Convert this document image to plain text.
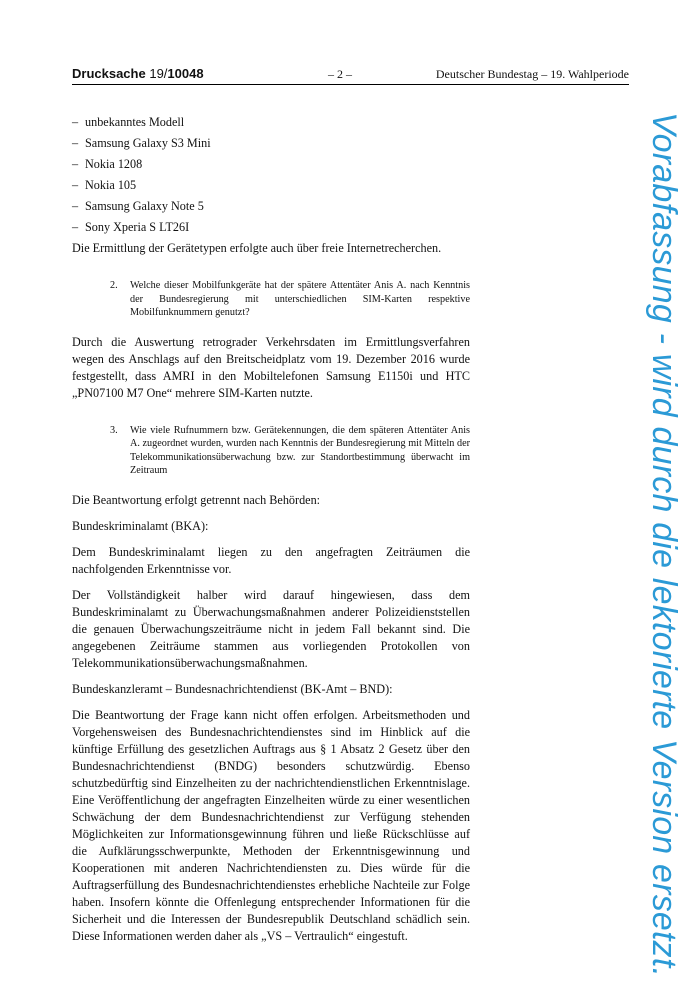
Drucksache 19/10048	– 2 –	Deutscher Bundestag – 19. Wahlperiode
– unbekanntes Modell
– Samsung Galaxy S3 Mini
– Nokia 1208
– Nokia 105
– Samsung Galaxy Note 5
– Sony Xperia S LT26I

Die Ermittlung der Gerätetypen erfolgte auch über freie Internetrecherchen.

2.	Welche dieser Mobilfunkgeräte hat der spätere Attentäter Anis A. nach Kenntnis der Bundesregierung mit unterschiedlichen SIM-Karten respektive Mobilfunknummern genutzt?

Durch die Auswertung retrograder Verkehrsdaten im Ermittlungsverfahren wegen des Anschlags auf den Breitscheidplatz vom 19. Dezember 2016 wurde festgestellt, dass AMRI in den Mobiltelefonen Samsung E1150i und HTC „PN07100 M7 One“ mehrere SIM-Karten nutzte.

3.	Wie viele Rufnummern bzw. Gerätekennungen, die dem späteren Attentäter Anis A. zugeordnet wurden, wurden nach Kenntnis der Bundesregierung mit Mitteln der Telekommunikationsüberwachung bzw. zur Standortbestimmung überwacht im Zeitraum

Die Beantwortung erfolgt getrennt nach Behörden:

Bundeskriminalamt (BKA):

Dem Bundeskriminalamt liegen zu den angefragten Zeiträumen die nachfolgenden Erkenntnisse vor.

Der Vollständigkeit halber wird darauf hingewiesen, dass dem Bundeskriminalamt zu Überwachungsmaßnahmen anderer Polizeidienststellen die genauen Überwachungszeiträume nicht in jedem Fall bekannt sind. Die angegebenen Zeiträume stammen aus vorliegenden Protokollen von Telekommunikationsüberwachungsmaßnahmen.

Bundeskanzleramt – Bundesnachrichtendienst (BK-Amt – BND):

Die Beantwortung der Frage kann nicht offen erfolgen. Arbeitsmethoden und Vorgehensweisen des Bundesnachrichtendienstes sind im Hinblick auf die künftige Erfüllung des gesetzlichen Auftrags aus § 1 Absatz 2 Gesetz über den Bundesnachrichtendienst (BNDG) besonders schutzwürdig. Ebenso schutzbedürftig sind Einzelheiten zu der nachrichtendienstlichen Erkenntnislage. Eine Veröffentlichung der angefragten Einzelheiten würde zu einer wesentlichen Schwächung der dem Bundesnachrichtendienst zur Verfügung stehenden Möglichkeiten zur Informationsgewinnung führen und ließe Rückschlüsse auf die Aufklärungsschwerpunkte, Methoden der Erkenntnisgewinnung und Kooperationen mit anderen Nachrichtendiensten zu. Dies würde für die Auftragserfüllung des Bundesnachrichtendienstes erhebliche Nachteile zur Folge haben. Insofern könnte die Offenlegung entsprechender Informationen für die Sicherheit und die Interessen der Bundesrepublik Deutschland schädlich sein. Diese Informationen werden daher als „VS – Vertraulich“ eingestuft.	Vorabfassung - wird durch die lektorierte Version ersetzt.
